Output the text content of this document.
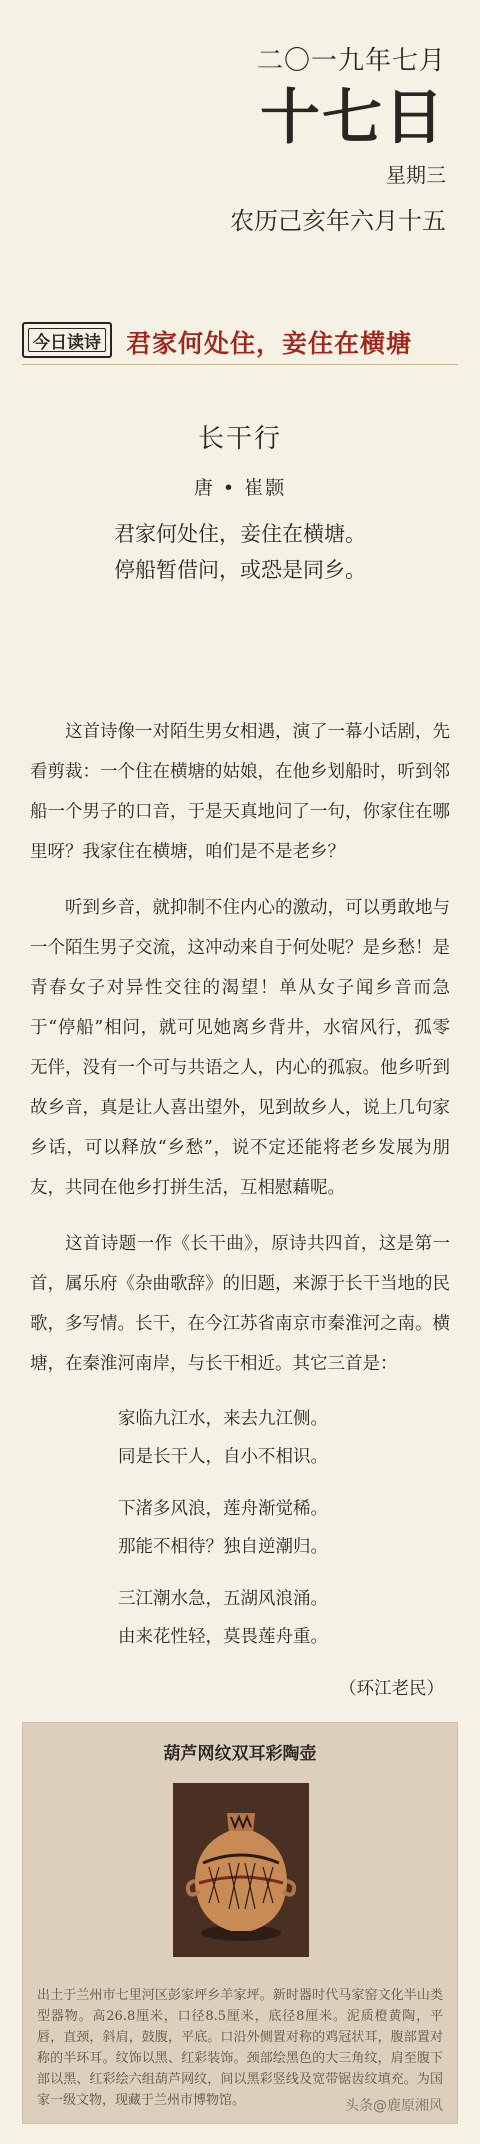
二〇一九年七月
十七日
星期三
农历己亥年六月十五
今日读诗	君家何处住，妾住在横塘
长干行
唐 • 崔颢
君家何处住，妾住在横塘。
停船暂借问，或恐是同乡。

这首诗像一对陌生男女相遇，演了一幕小话剧，先看剪裁：一个住在横塘的姑娘，在他乡划船时，听到邻船一个男子的口音，于是天真地问了一句，你家住在哪里呀？我家住在横塘，咱们是不是老乡？

听到乡音，就抑制不住内心的激动，可以勇敢地与一个陌生男子交流，这冲动来自于何处呢？是乡愁！是青春女子对异性交往的渴望！单从女子闻乡音而急于“停船”相问，就可见她离乡背井，水宿风行，孤零无伴，没有一个可与共语之人，内心的孤寂。他乡听到故乡音，真是让人喜出望外，见到故乡人，说上几句家乡话，可以释放“乡愁”，说不定还能将老乡发展为朋友，共同在他乡打拼生活，互相慰藉呢。

这首诗题一作《长干曲》，原诗共四首，这是第一首，属乐府《杂曲歌辞》的旧题，来源于长干当地的民歌，多写情。长干，在今江苏省南京市秦淮河之南。横塘，在秦淮河南岸，与长干相近。其它三首是：

家临九江水，来去九江侧。
同是长干人，自小不相识。
下渚多风浪，莲舟渐觉稀。
那能不相待？独自逆潮归。
三江潮水急，五湖风浪涌。
由来花性轻，莫畏莲舟重。
（环江老民）
葫芦网纹双耳彩陶壶
出土于兰州市七里河区彭家坪乡羊家坪。新时器时代马家窑文化半山类型器物。高26.8厘米，口径8.5厘米，底径8厘米。泥质橙黄陶，平唇，直颈，斜肩，鼓腹，平底。口沿外侧置对称的鸡冠状耳，腹部置对称的半环耳。纹饰以黑、红彩装饰。颈部绘黑色的大三角纹，肩至腹下部以黑、红彩绘六组葫芦网纹，间以黑彩竖线及宽带锯齿纹填充。为国家一级文物，现藏于兰州市博物馆。	头条@鹿原湘风
